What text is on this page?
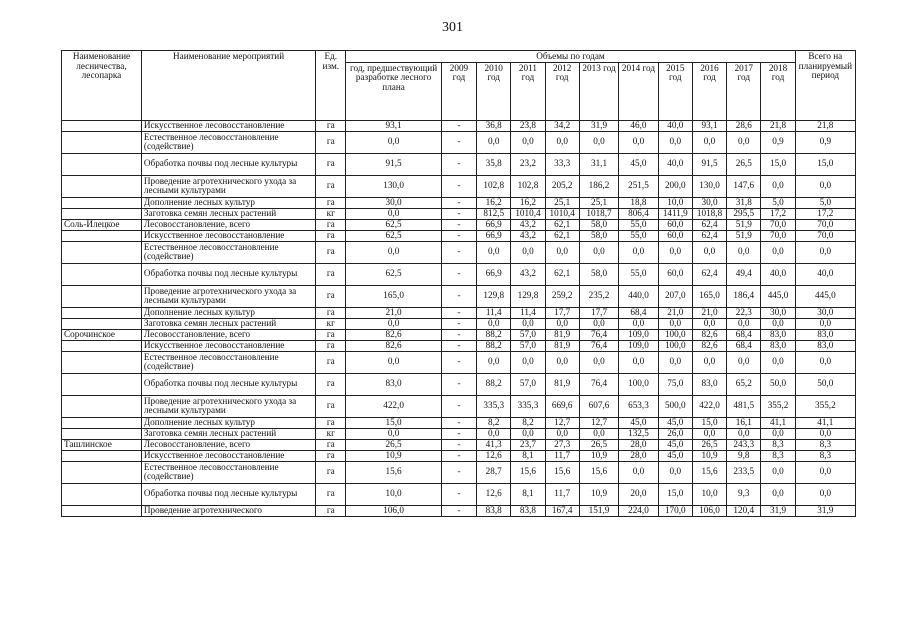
301
Наименование лесничества, лесопарка	Наименование мероприятий	Ед. изм.	Объемы по годам											Всего на планируемый период
			год, предшествующий разработке лесного плана	2009 год	2010 год	2011 год	2012 год	2013 год	2014 год	2015 год	2016 год	2017 год	2018 год	
	Искусственное лесовосстановление	га	93,1	-	36,8	23,8	34,2	31,9	46,0	40,0	93,1	28,6	21,8	21,8
	Естественное лесовосстановление (содействие)	га	0,0	-	0,0	0,0	0,0	0,0	0,0	0,0	0,0	0,0	0,9	0,9
	Обработка почвы под лесные культуры	га	91,5	-	35,8	23,2	33,3	31,1	45,0	40,0	91,5	26,5	15,0	15,0
	Проведение агротехнического ухода за лесными культурами	га	130,0	-	102,8	102,8	205,2	186,2	251,5	200,0	130,0	147,6	0,0	0,0
	Дополнение лесных культур	га	30,0	-	16,2	16,2	25,1	25,1	18,8	10,0	30,0	31,8	5,0	5,0
	Заготовка семян лесных растений	кг	0,0	-	812,5	1010,4	1010,4	1018,7	806,4	1411,9	1018,8	295,5	17,2	17,2
Соль-Илецкое	Лесовосстановление, всего	га	62,5	-	66,9	43,2	62,1	58,0	55,0	60,0	62,4	51,9	70,0	70,0
	Искусственное лесовосстановление	га	62,5	-	66,9	43,2	62,1	58,0	55,0	60,0	62,4	51,9	70,0	70,0
	Естественное лесовосстановление (содействие)	га	0,0	-	0,0	0,0	0,0	0,0	0,0	0,0	0,0	0,0	0,0	0,0
	Обработка почвы под лесные культуры	га	62,5	-	66,9	43,2	62,1	58,0	55,0	60,0	62,4	49,4	40,0	40,0
	Проведение агротехнического ухода за лесными культурами	га	165,0	-	129,8	129,8	259,2	235,2	440,0	207,0	165,0	186,4	445,0	445,0
	Дополнение лесных культур	га	21,0	-	11,4	11,4	17,7	17,7	68,4	21,0	21,0	22,3	30,0	30,0
	Заготовка семян лесных растений	кг	0,0	-	0,0	0,0	0,0	0,0	0,0	0,0	0,0	0,0	0,0	0,0
Сорочинское	Лесовосстановление, всего	га	82,6	-	88,2	57,0	81,9	76,4	109,0	100,0	82,6	68,4	83,0	83,0
	Искусственное лесовосстановление	га	82,6	-	88,2	57,0	81,9	76,4	109,0	100,0	82,6	68,4	83,0	83,0
	Естественное лесовосстановление (содействие)	га	0,0	-	0,0	0,0	0,0	0,0	0,0	0,0	0,0	0,0	0,0	0,0
	Обработка почвы под лесные культуры	га	83,0	-	88,2	57,0	81,9	76,4	100,0	75,0	83,0	65,2	50,0	50,0
	Проведение агротехнического ухода за лесными культурами	га	422,0	-	335,3	335,3	669,6	607,6	653,3	500,0	422,0	481,5	355,2	355,2
	Дополнение лесных культур	га	15,0	-	8,2	8,2	12,7	12,7	45,0	45,0	15,0	16,1	41,1	41,1
	Заготовка семян лесных растений	кг	0,0	-	0,0	0,0	0,0	0,0	132,5	26,0	0,0	0,0	0,0	0,0
Ташлинское	Лесовосстановление, всего	га	26,5	-	41,3	23,7	27,3	26,5	28,0	45,0	26,5	243,3	8,3	8,3
	Искусственное лесовосстановление	га	10,9	-	12,6	8,1	11,7	10,9	28,0	45,0	10,9	9,8	8,3	8,3
	Естественное лесовосстановление (содействие)	га	15,6	-	28,7	15,6	15,6	15,6	0,0	0,0	15,6	233,5	0,0	0,0
	Обработка почвы под лесные культуры	га	10,0	-	12,6	8,1	11,7	10,9	20,0	15,0	10,0	9,3	0,0	0,0
	Проведение агротехнического	га	106,0	-	83,8	83,8	167,4	151,9	224,0	170,0	106,0	120,4	31,9	31,9
